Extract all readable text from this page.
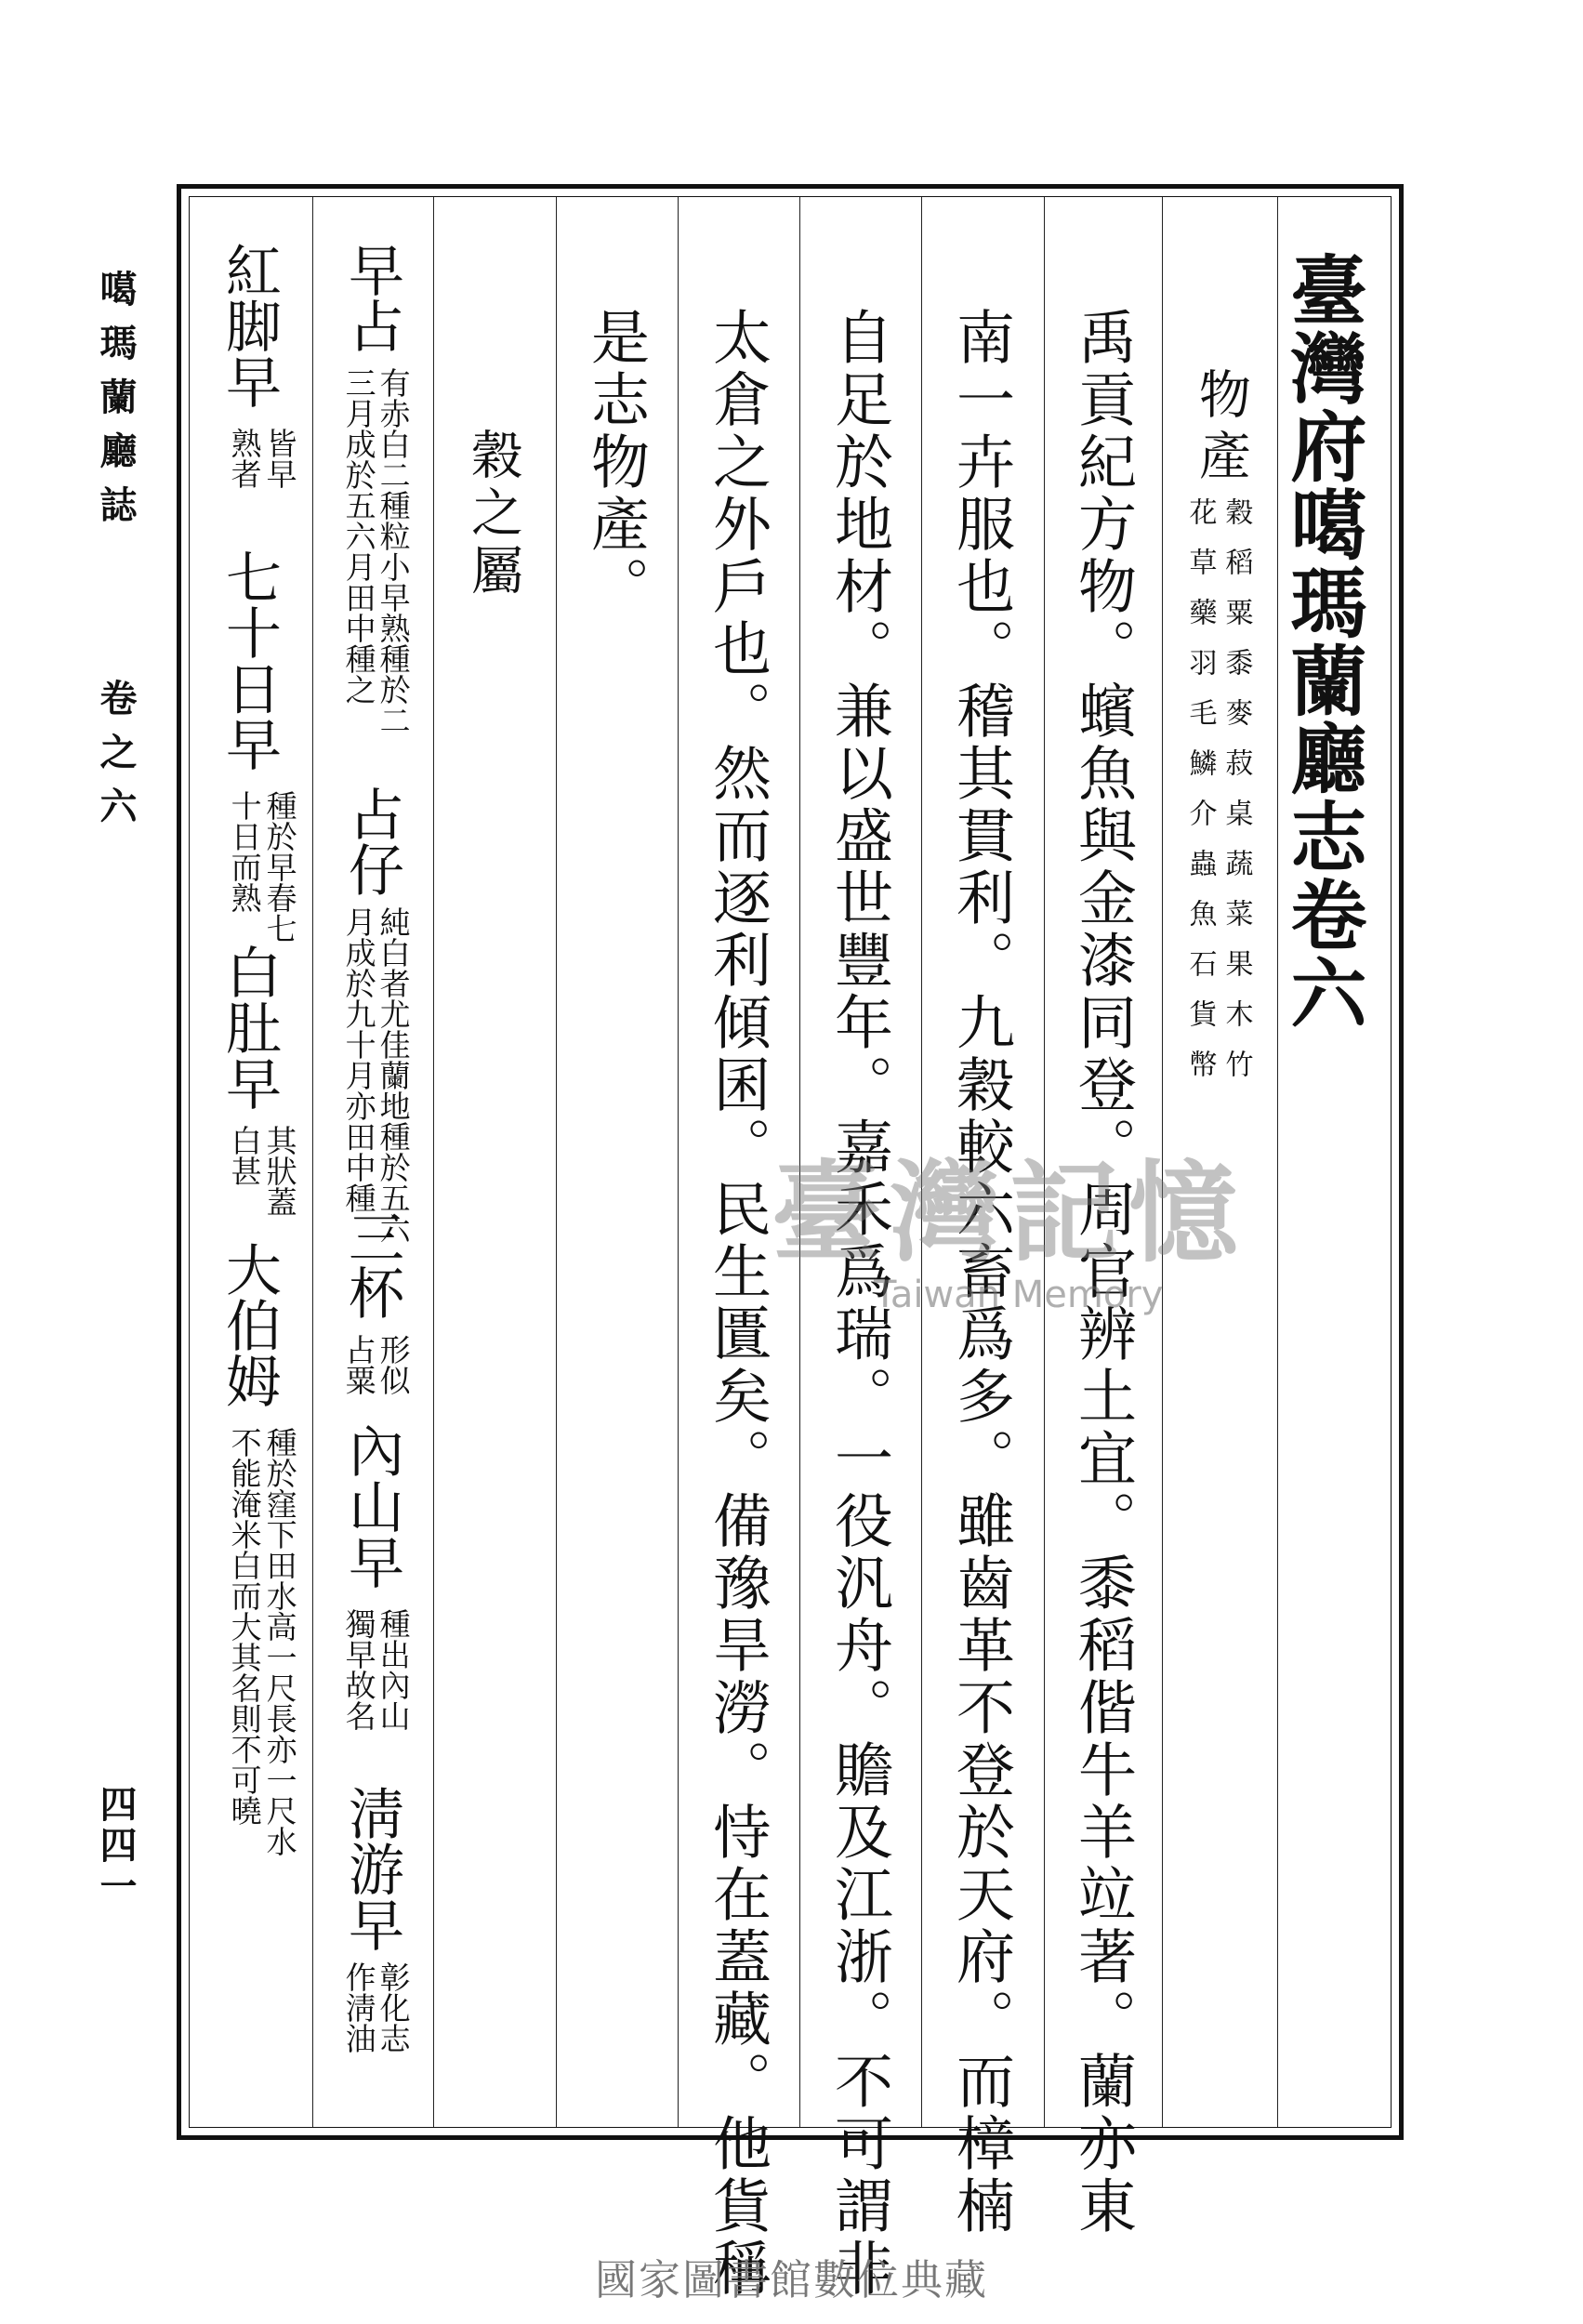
噶瑪蘭廳誌
卷之六
四四一
臺灣府噶瑪蘭廳志卷六
物產
穀稻粟黍麥菽桌蔬菜果木竹
花草藥羽毛鱗介蟲魚石貨幣
禹貢紀方物。蠙魚與金漆同登。周官辨土宜。黍稻偕牛羊竝著。蘭亦東
南一卉服也。稽其貫利。九穀較六畜爲多。雖齒革不登於天府。而樟楠
自足於地材。兼以盛世豐年。嘉禾爲瑞。一役汎舟。贍及江浙。不可謂非
太倉之外戶也。然而逐利傾囷。民生匱矣。備豫旱澇。恃在蓋藏。他貨稱
是志物產。
穀之屬
早占
有赤白二種粒小早熟種於二
三月成於五六月田中種之
占仔
純白者尤佳蘭地種於五六
月成於九十月亦田中種
三杯
形似
占粟
內山早
種出內山
獨早故名
淸游早
彰化志
作淸油
紅脚早
皆早
熟者
七十日早
種於早春七
十日而熟
白肚早
其狀蓋
白甚
大伯姆
種於窪下田水高一尺長亦一尺水
不能淹米白而大其名則不可曉
臺灣記憶
Taiwan Memory
國家圖書館數位典藏
